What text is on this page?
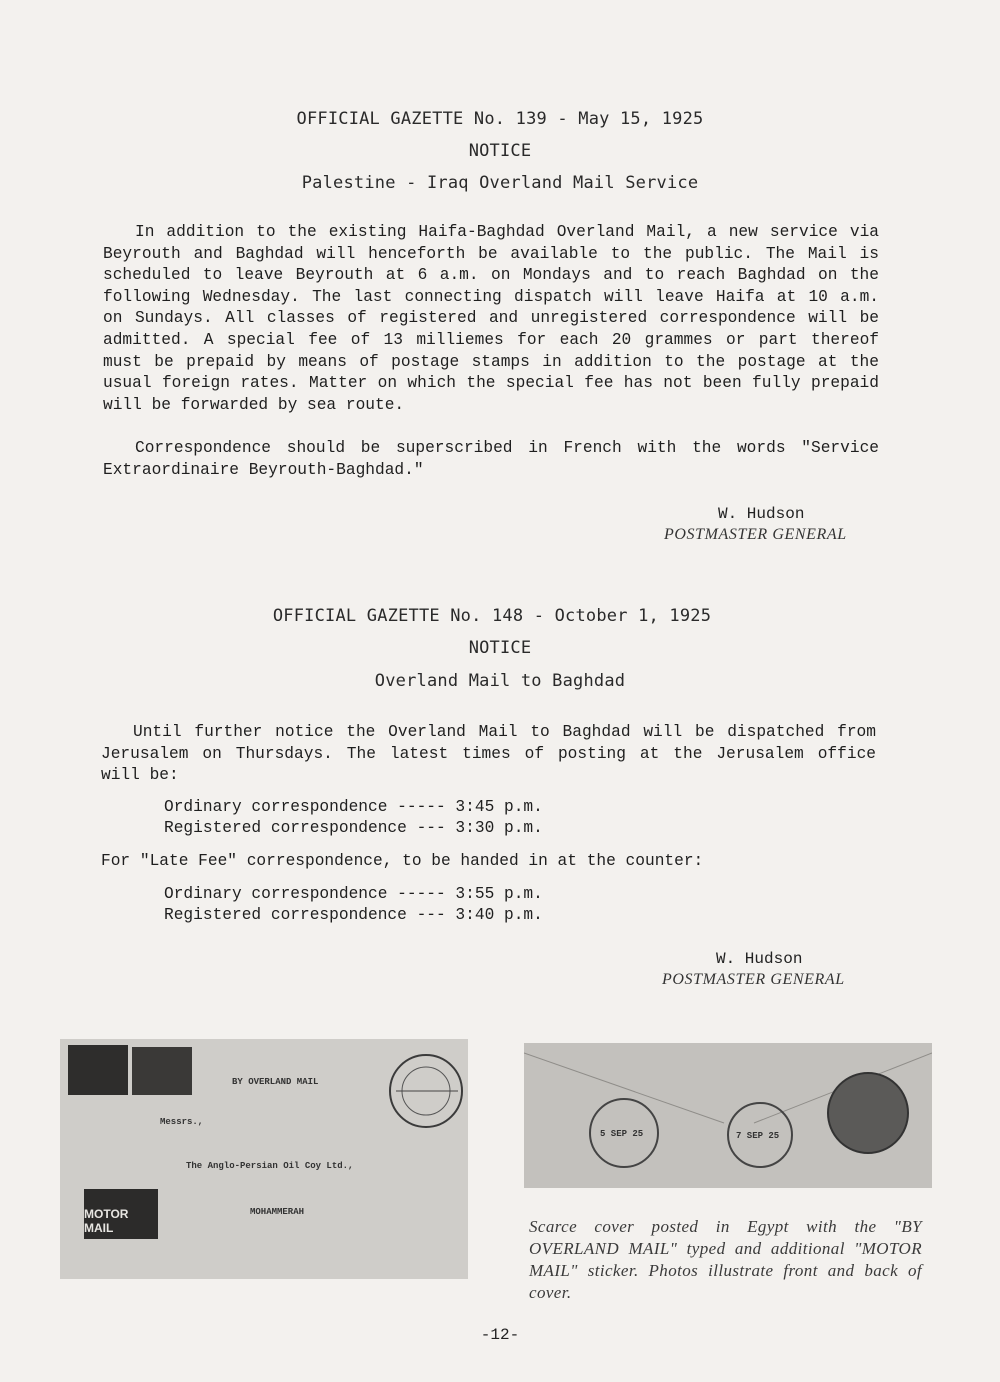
OFFICIAL GAZETTE No. 139 - May 15, 1925
NOTICE
Palestine - Iraq Overland Mail Service

In addition to the existing Haifa-Baghdad Overland Mail, a new service via Beyrouth and Baghdad will henceforth be available to the public. The Mail is scheduled to leave Beyrouth at 6 a.m. on Mondays and to reach Baghdad on the following Wednesday. The last connecting dispatch will leave Haifa at 10 a.m. on Sundays. All classes of registered and unregistered correspondence will be admitted. A special fee of 13 milliemes for each 20 grammes or part thereof must be prepaid by means of postage stamps in addition to the postage at the usual foreign rates. Matter on which the special fee has not been fully prepaid will be forwarded by sea route.

Correspondence should be superscribed in French with the words "Service Extraordinaire Beyrouth-Baghdad."

W. Hudson
POSTMASTER GENERAL
OFFICIAL GAZETTE No. 148 - October 1, 1925
NOTICE
Overland Mail to Baghdad

Until further notice the Overland Mail to Baghdad will be dispatched from Jerusalem on Thursdays. The latest times of posting at the Jerusalem office will be:

Ordinary correspondence ----- 3:45 p.m.
Registered correspondence --- 3:30 p.m.
For "Late Fee" correspondence, to be handed in at the counter:
Ordinary correspondence ----- 3:55 p.m.
Registered correspondence --- 3:40 p.m.
W. Hudson
POSTMASTER GENERAL
BY OVERLAND MAIL
Messrs.,
The Anglo-Persian Oil Coy Ltd.,
MOHAMMERAH
MOTOR MAIL
5 SEP 25	7 SEP 25

Scarce cover posted in Egypt with the "BY OVERLAND MAIL" typed and additional "MOTOR MAIL" sticker. Photos illustrate front and back of cover.

-12-
